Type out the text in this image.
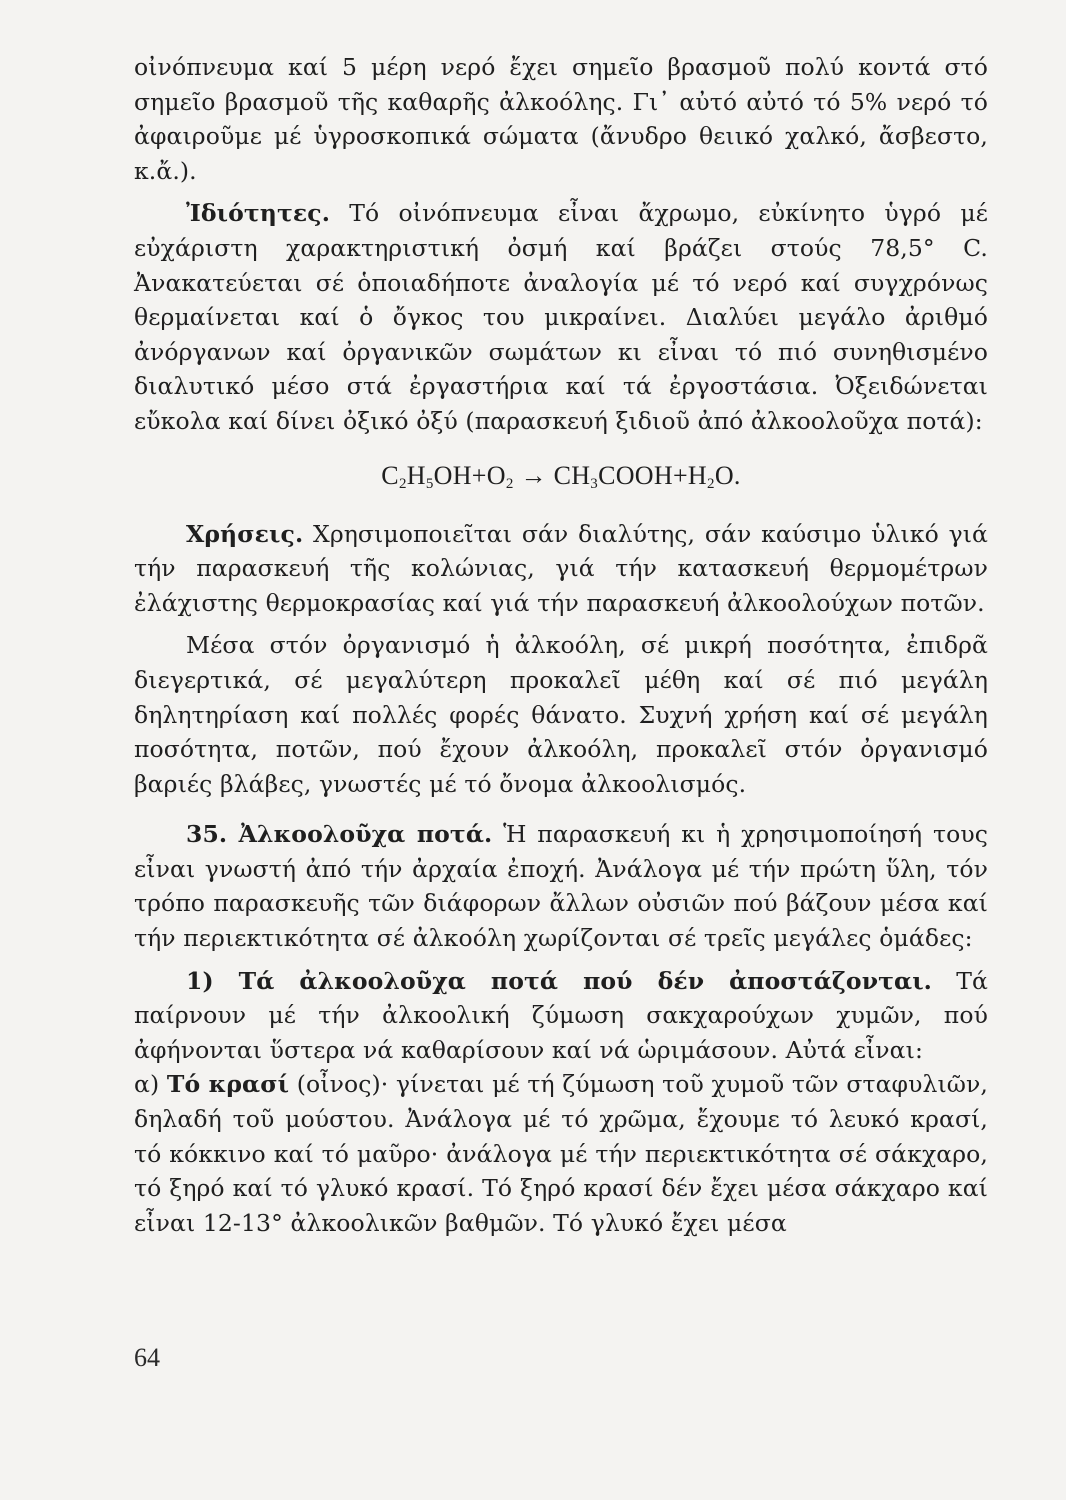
οἰνόπνευμα καί 5 μέρη νερό ἔχει σημεῖο βρασμοῦ πολύ κοντά στό σημεῖο βρασμοῦ τῆς καθαρῆς ἀλκοόλης. Γι᾿ αὐτό αὐτό τό 5% νερό τό ἀφαιροῦμε μέ ὑγροσκοπικά σώματα (ἄνυδρο θειικό χαλκό, ἄσβεστο, κ.ἄ.).

Ἰδιότητες. Τό οἰνόπνευμα εἶναι ἄχρωμο, εὐκίνητο ὑγρό μέ εὐχάριστη χαρακτηριστική ὀσμή καί βράζει στούς 78,5° C. Ἀνακατεύεται σέ ὁποιαδήποτε ἀναλογία μέ τό νερό καί συγχρόνως θερμαίνεται καί ὁ ὄγκος του μικραίνει. Διαλύει μεγάλο ἀριθμό ἀνόργανων καί ὀργανικῶν σωμάτων κι εἶναι τό πιό συνηθισμένο διαλυτικό μέσο στά ἐργαστήρια καί τά ἐργοστάσια. Ὀξειδώνεται εὔκολα καί δίνει ὀξικό ὀξύ (παρασκευή ξιδιοῦ ἀπό ἀλκοολοῦχα ποτά):

$C_2H_5OH+O_2$ → $CH_3COOH+H_2O$.

Χρήσεις. Χρησιμοποιεῖται σάν διαλύτης, σάν καύσιμο ὑλικό γιά τήν παρασκευή τῆς κολώνιας, γιά τήν κατασκευή θερμομέτρων ἐλάχιστης θερμοκρασίας καί γιά τήν παρασκευή ἀλκοολούχων ποτῶν.

Μέσα στόν ὀργανισμό ἡ ἀλκοόλη, σέ μικρή ποσότητα, ἐπιδρᾶ διεγερτικά, σέ μεγαλύτερη προκαλεῖ μέθη καί σέ πιό μεγάλη δηλητηρίαση καί πολλές φορές θάνατο. Συχνή χρήση καί σέ μεγάλη ποσότητα, ποτῶν, πού ἔχουν ἀλκοόλη, προκαλεῖ στόν ὀργανισμό βαριές βλάβες, γνωστές μέ τό ὄνομα ἀλκοολισμός.

35. Ἀλκοολοῦχα ποτά. Ἡ παρασκευή κι ἡ χρησιμοποίησή τους εἶναι γνωστή ἀπό τήν ἀρχαία ἐποχή. Ἀνάλογα μέ τήν πρώτη ὕλη, τόν τρόπο παρασκευῆς τῶν διάφορων ἄλλων οὐσιῶν πού βάζουν μέσα καί τήν περιεκτικότητα σέ ἀλκοόλη χωρίζονται σέ τρεῖς μεγάλες ὁμάδες:

1) Τά ἀλκοολοῦχα ποτά πού δέν ἀποστάζονται. Τά παίρνουν μέ τήν ἀλκοολική ζύμωση σακχαρούχων χυμῶν, πού ἀφήνονται ὕστερα νά καθαρίσουν καί νά ὡριμάσουν. Αὐτά εἶναι:

α) Τό κρασί (οἶνος)· γίνεται μέ τή ζύμωση τοῦ χυμοῦ τῶν σταφυλιῶν, δηλαδή τοῦ μούστου. Ἀνάλογα μέ τό χρῶμα, ἔχουμε τό λευκό κρασί, τό κόκκινο καί τό μαῦρο· ἀνάλογα μέ τήν περιεκτικότητα σέ σάκχαρο, τό ξηρό καί τό γλυκό κρασί. Τό ξηρό κρασί δέν ἔχει μέσα σάκχαρο καί εἶναι 12-13° ἀλκοολικῶν βαθμῶν. Τό γλυκό ἔχει μέσα

64
